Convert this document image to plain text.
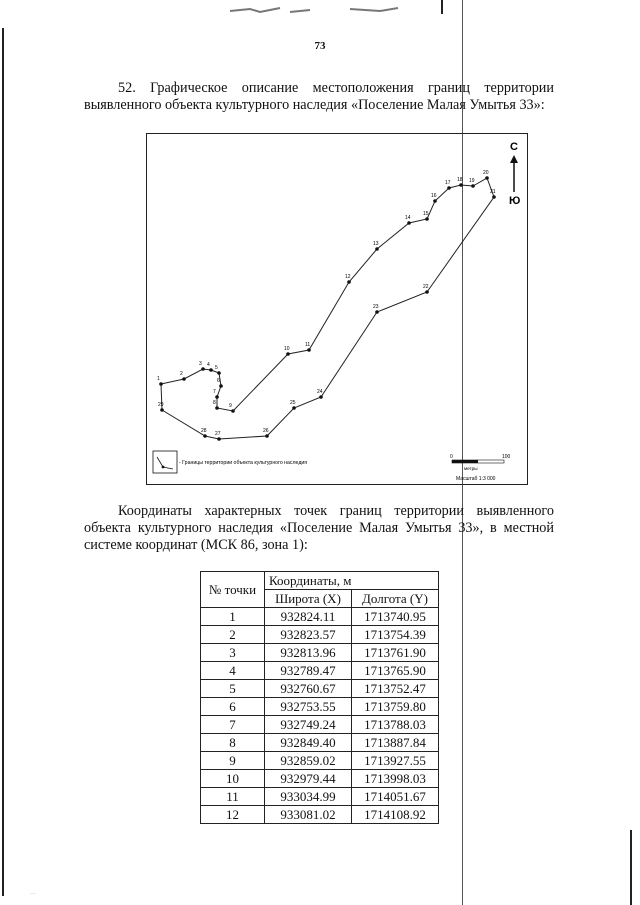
73
52. Графическое описание местоположения границ территории выявленного объекта культурного наследия «Поселение Малая Умытья 33»:
1
2
3 4 5
6
7
8	9
10
11
12
13
14
15
16
17 18 19
20
21
22
23
24
25
26
27
28
29
С
Ю
- Границы территории объекта культурного наследия
0	100
метры
Масштаб 1:3 000
Координаты характерных точек границ территории выявленного объекта культурного наследия «Поселение Малая Умытья 33», в местной системе координат (МСК 86, зона 1):
№ точки	Координаты, м	
	Широта (X)	Долгота (Y)
1	932824.11	1713740.95
2	932823.57	1713754.39
3	932813.96	1713761.90
4	932789.47	1713765.90
5	932760.67	1713752.47
6	932753.55	1713759.80
7	932749.24	1713788.03
8	932849.40	1713887.84
9	932859.02	1713927.55
10	932979.44	1713998.03
11	933034.99	1714051.67
12	933081.02	1714108.92
…
